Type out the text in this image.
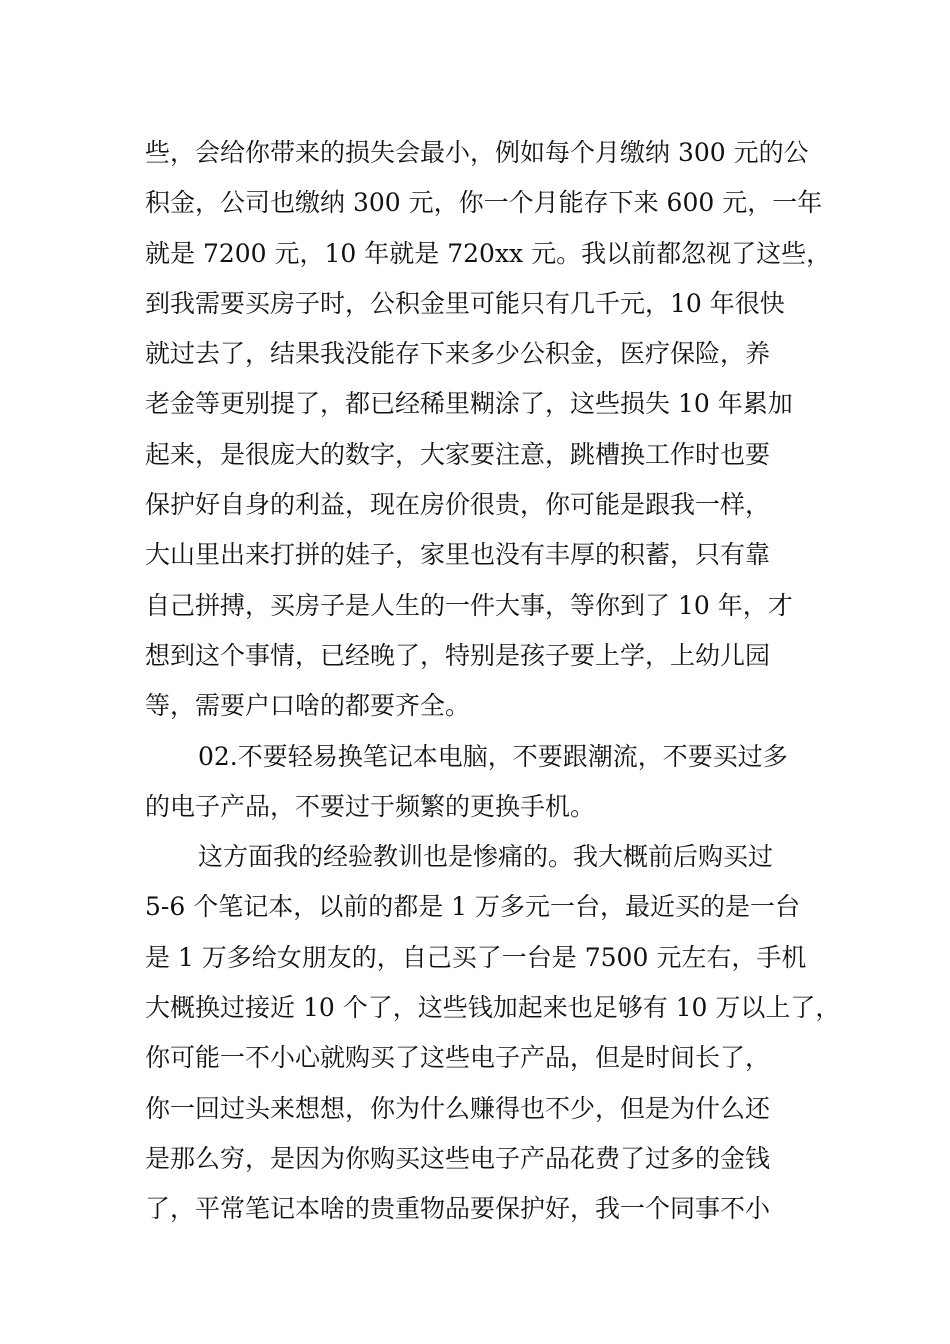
些，会给你带来的损失会最小，例如每个月缴纳 300 元的公
积金，公司也缴纳 300 元，你一个月能存下来 600 元，一年
就是 7200 元，10 年就是 720xx 元。我以前都忽视了这些，
到我需要买房子时，公积金里可能只有几千元，10 年很快
就过去了，结果我没能存下来多少公积金，医疗保险，养
老金等更别提了，都已经稀里糊涂了，这些损失 10 年累加
起来，是很庞大的数字，大家要注意，跳槽换工作时也要
保护好自身的利益，现在房价很贵，你可能是跟我一样，
大山里出来打拼的娃子，家里也没有丰厚的积蓄，只有靠
自己拼搏，买房子是人生的一件大事，等你到了 10 年，才
想到这个事情，已经晚了，特别是孩子要上学，上幼儿园
等，需要户口啥的都要齐全。
02.不要轻易换笔记本电脑，不要跟潮流，不要买过多
的电子产品，不要过于频繁的更换手机。
这方面我的经验教训也是惨痛的。我大概前后购买过
5-6 个笔记本，以前的都是 1 万多元一台，最近买的是一台
是 1 万多给女朋友的，自己买了一台是 7500 元左右，手机
大概换过接近 10 个了，这些钱加起来也足够有 10 万以上了，
你可能一不小心就购买了这些电子产品，但是时间长了，
你一回过头来想想，你为什么赚得也不少，但是为什么还
是那么穷，是因为你购买这些电子产品花费了过多的金钱
了，平常笔记本啥的贵重物品要保护好，我一个同事不小
